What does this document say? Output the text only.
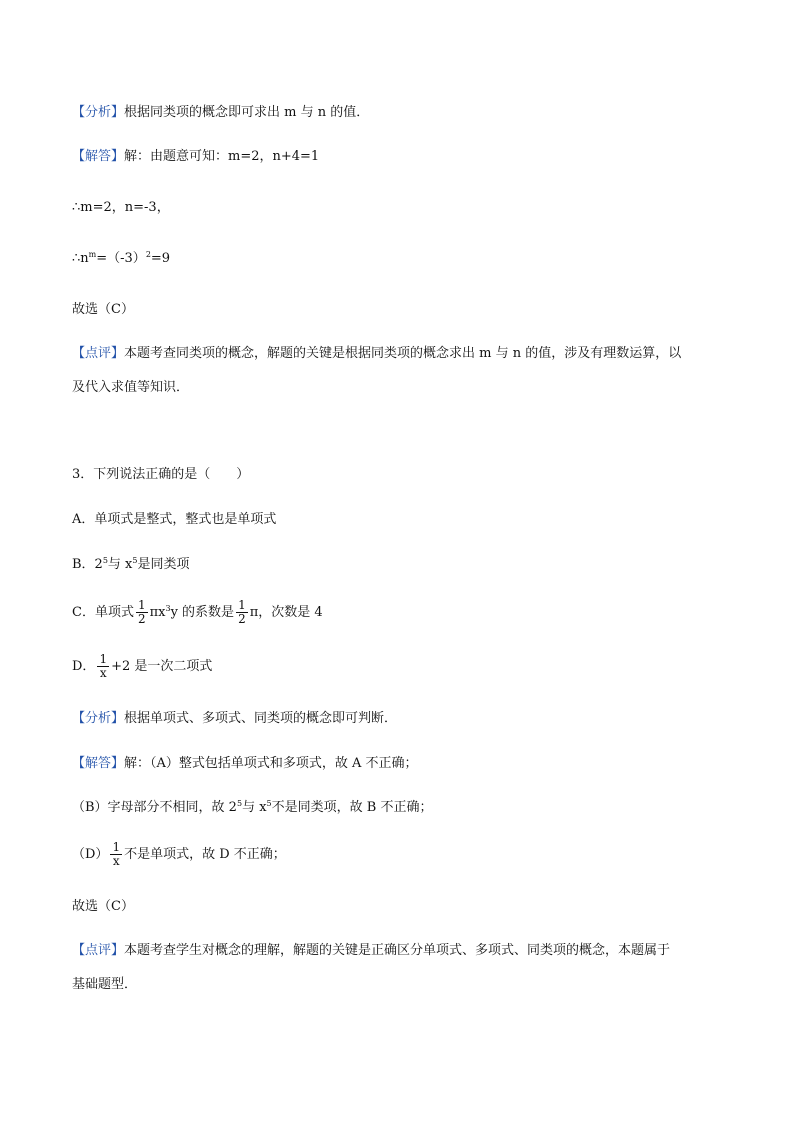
【分析】根据同类项的概念即可求出 m 与 n 的值．
【解答】解：由题意可知：m=2，n+4=1
∴m=2，n=-3，
$\therefore n^m=(-3)^2=9$
故选（C）
【点评】本题考查同类项的概念，解题的关键是根据同类项的概念求出 m 与 n 的值，涉及有理数运算，以
及代入求值等知识．
3．下列说法正确的是（　　）
A．单项式是整式，整式也是单项式
B．$2^5$与 $x^5$是同类项
C．单项式 $\frac{1}{2} \pi x^3y$ 的系数是 $\frac{1}{2}$ π，次数是 4
D． $\frac{1}{x} +2$ 是一次二项式
【分析】根据单项式、多项式、同类项的概念即可判断．
【解答】解：（A）整式包括单项式和多项式，故 A 不正确；
（B）字母部分不相同，故 $2^5$与 $x^5$不是同类项，故 B 不正确；
$(D) \frac{1}{x}$ 不是单项式，故 D 不正确；
故选（C）
【点评】本题考查学生对概念的理解，解题的关键是正确区分单项式、多项式、同类项的概念，本题属于
基础题型．
